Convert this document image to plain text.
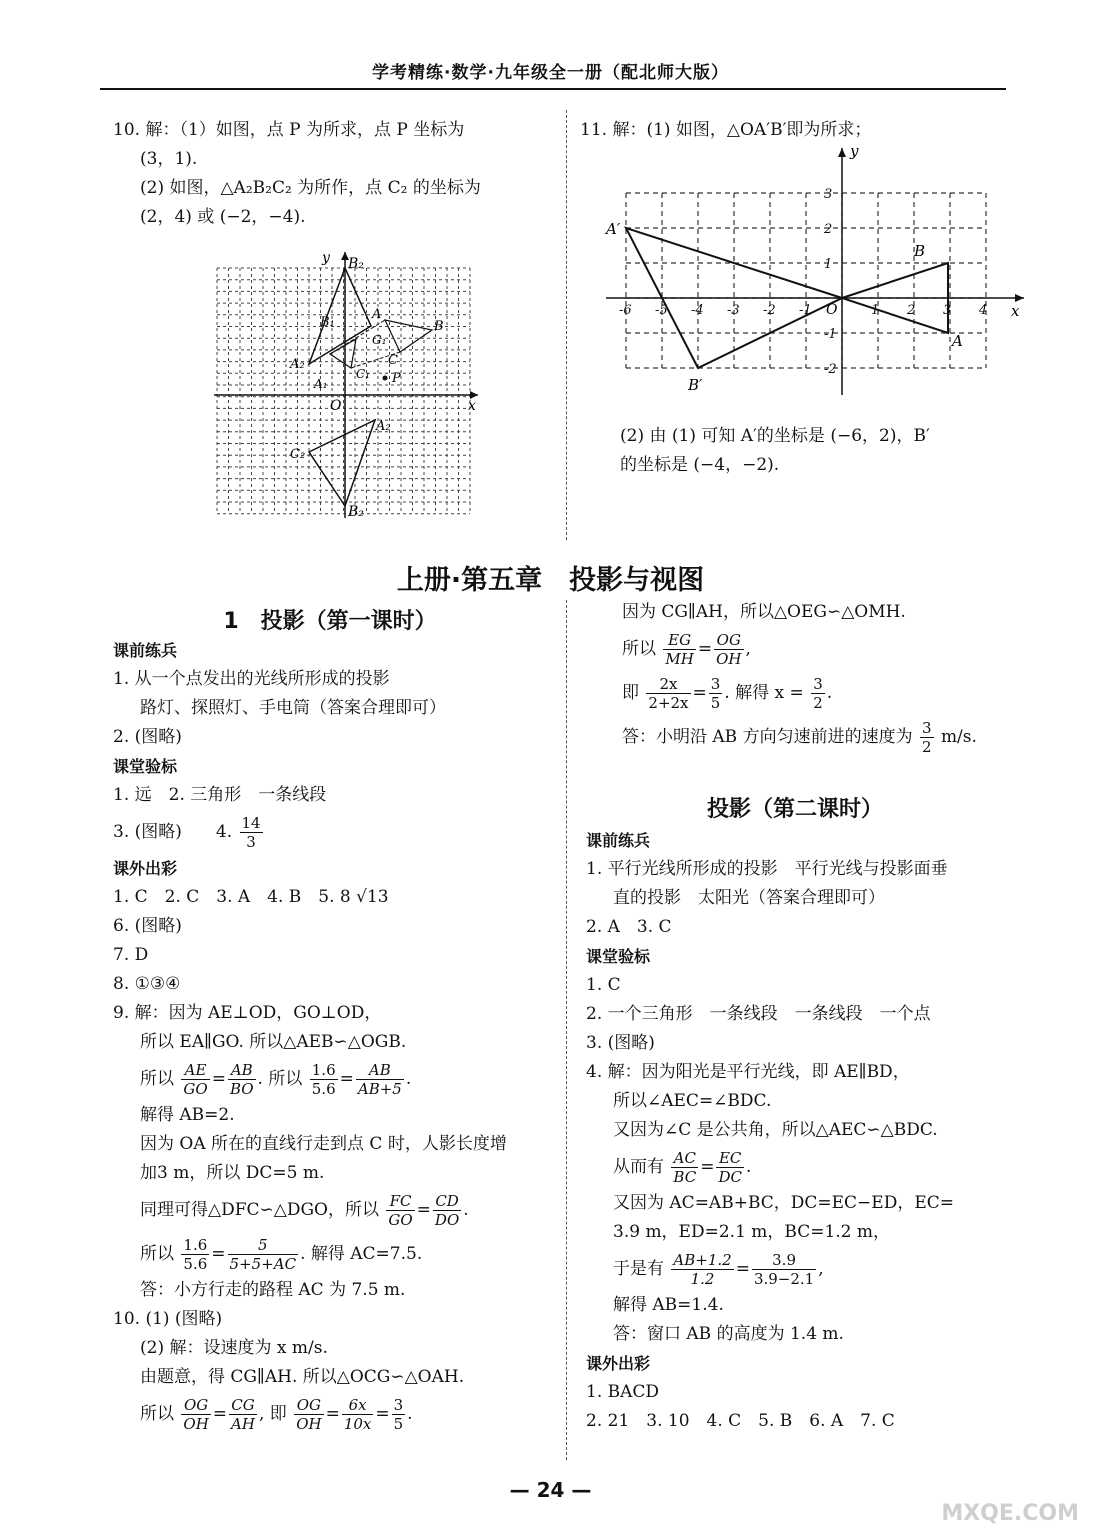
学考精练·数学·九年级全一册（配北师大版）
10. 解：（1）如图，点 P 为所求，点 P 坐标为
(3，1).
(2) 如图，△A₂B₂C₂ 为所作，点 C₂ 的坐标为
(2，4) 或 (−2，−4).
y
x
O
B₂
B₂
B
B₁
A
A₁
A₂
A₂
C
C₁
C₂
G₁
P
11. 解：(1) 如图，△OA′B′即为所求；
-6 -5 -4 -3 -2 -1	1 2 3 4
3
2
1
-1
-2
y
x
O
A
B
A′
B′
(2) 由 (1) 可知 A′的坐标是 (−6，2)，B′
的坐标是 (−4，−2).
上册·第五章　投影与视图
1　投影（第一课时）
课前练兵
1. 从一个点发出的光线所形成的投影
路灯、探照灯、手电筒（答案合理即可）
2. (图略)
课堂验标
1. 远　2. 三角形　一条线段
3. (图略)　　4. $\frac{14}{3}$
课外出彩
1. C　2. C　3. A　4. B　5. 8 √13
6. (图略)
7. D
8. ①③④
9. 解：因为 AE⊥OD，GO⊥OD，
所以 EA∥GO. 所以△AEB∽△OGB.
所以 $\frac{AE}{GO} = \frac{AB}{BO}$ . 所以 $\frac{1.6}{5.6} = \frac{AB}{AB+5}$ .
解得 AB=2.
因为 OA 所在的直线行走到点 C 时，人影长度增
加3 m，所以 DC=5 m.
同理可得△DFC∽△DGO，所以 $\frac{FC}{GO} = \frac{CD}{DO}$ .
所以 $\frac{1.6}{5.6} = \frac{5}{5+5+AC}$ . 解得 AC=7.5.
答：小方行走的路程 AC 为 7.5 m.
10. (1) (图略)
(2) 解：设速度为 x m/s.
由题意，得 CG∥AH. 所以△OCG∽△OAH.
所以 $\frac{OG}{OH} = \frac{CG}{AH}$ , 即 $\frac{OG}{OH} = \frac{6x}{10x} = \frac{3}{5}$ .
因为 CG∥AH，所以△OEG∽△OMH.
所以 $\frac{EG}{MH} = \frac{OG}{OH}$ ,
即 $\frac{2x}{2+2x} = \frac{3}{5}$ . 解得 $x = \frac{3}{2}$ .
答：小明沿 AB 方向匀速前进的速度为 $\frac{3}{2} m/s$.
投影（第二课时）
课前练兵
1. 平行光线所形成的投影　平行光线与投影面垂
直的投影　太阳光（答案合理即可）
2. A　3. C
课堂验标
1. C
2. 一个三角形　一条线段　一条线段　一个点
3. (图略)
4. 解：因为阳光是平行光线，即 AE∥BD，
所以∠AEC=∠BDC.
又因为∠C 是公共角，所以△AEC∽△BDC.
从而有 $\frac{AC}{BC} = \frac{EC}{DC}$ .
又因为 AC=AB+BC，DC=EC−ED，EC=
3.9 m，ED=2.1 m，BC=1.2 m，
于是有 $\frac{AB+1.2}{1.2} = \frac{3.9}{3.9-2.1}$ ,
解得 AB=1.4.
答：窗口 AB 的高度为 1.4 m.
课外出彩
1. BACD
2. 21　3. 10　4. C　5. B　6. A　7. C
— 24 —
MXQE.COM
